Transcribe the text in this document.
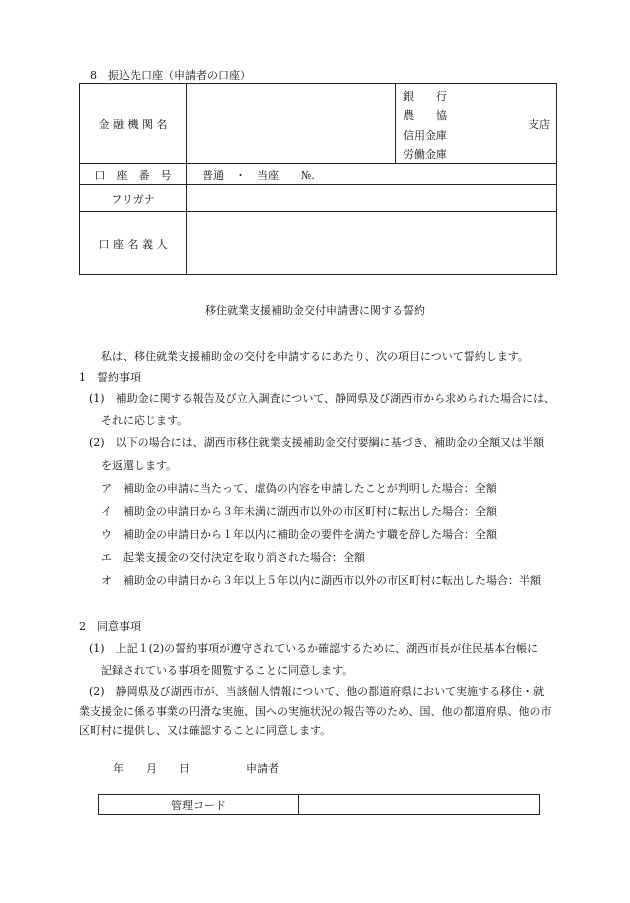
8　振込先口座（申請者の口座）
金 融 機 関 名
銀　　行
農　　協
信用金庫
労働金庫
支店
口　座　番　号	普通　・　当座　　№.
フリガナ
口 座 名 義 人
移住就業支援補助金交付申請書に関する誓約
私は、移住就業支援補助金の交付を申請するにあたり、次の項目について誓約します。
1　誓約事項
(1)　補助金に関する報告及び立入調査について、静岡県及び湖西市から求められた場合には、
それに応じます。
(2)　以下の場合には、湖西市移住就業支援補助金交付要綱に基づき、補助金の全額又は半額
を返還します。
ア　補助金の申請に当たって、虚偽の内容を申請したことが判明した場合：全額
イ　補助金の申請日から３年未満に湖西市以外の市区町村に転出した場合：全額
ウ　補助金の申請日から１年以内に補助金の要件を満たす職を辞した場合：全額
エ　起業支援金の交付決定を取り消された場合：全額
オ　補助金の申請日から３年以上５年以内に湖西市以外の市区町村に転出した場合：半額
2　同意事項
(1)　上記１(2)の誓約事項が遵守されているか確認するために、湖西市長が住民基本台帳に
記録されている事項を閲覧することに同意します。
(2)　静岡県及び湖西市が、当該個人情報について、他の都道府県において実施する移住・就
業支援金に係る事業の円滑な実施、国への実施状況の報告等のため、国、他の都道府県、他の市
区町村に提供し、又は確認することに同意します。
年 月 日	申請者
管理コード
